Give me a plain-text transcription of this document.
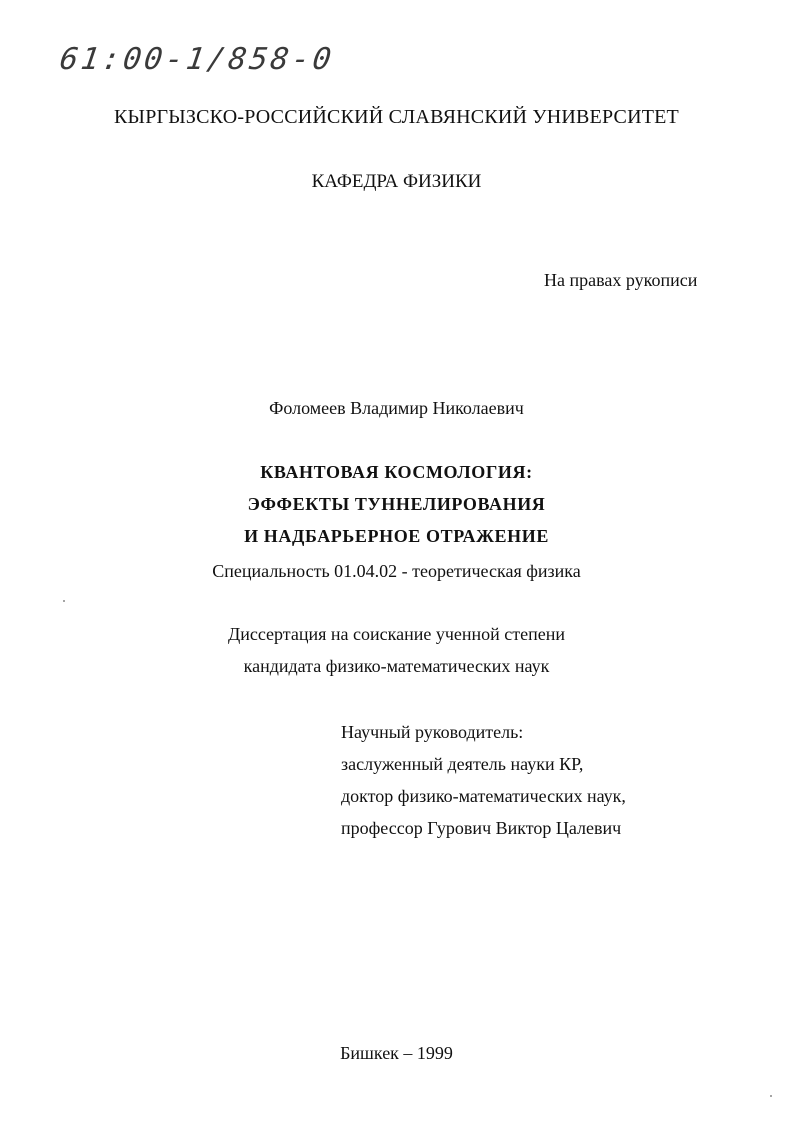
61:00-1/858-0
КЫРГЫЗСКО-РОССИЙСКИЙ СЛАВЯНСКИЙ УНИВЕРСИТЕТ
КАФЕДРА ФИЗИКИ
На правах рукописи
Фоломеев Владимир Николаевич
КВАНТОВАЯ КОСМОЛОГИЯ:
ЭФФЕКТЫ ТУННЕЛИРОВАНИЯ
И НАДБАРЬЕРНОЕ ОТРАЖЕНИЕ
Специальность 01.04.02 - теоретическая физика
Диссертация на соискание ученной степени
кандидата физико-математических наук
Научный руководитель:
заслуженный деятель науки КР,
доктор физико-математических наук,
профессор Гурович Виктор Цалевич
Бишкек – 1999
